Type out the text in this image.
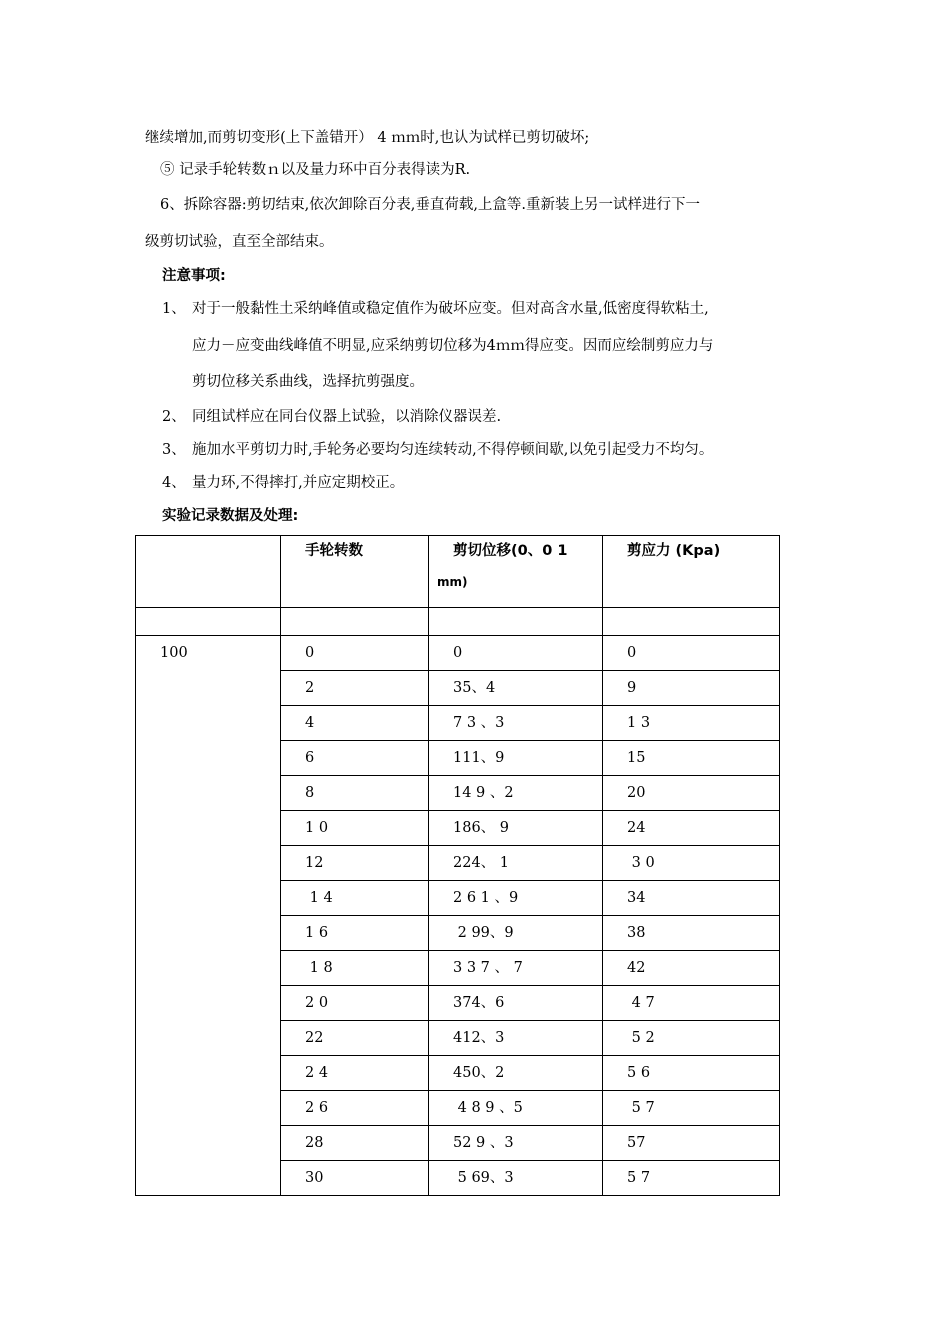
继续增加,而剪切变形(上下盖错开） 4 ｍｍ时,也认为试样已剪切破坏;
⑤ 记录手轮转数ｎ以及量力环中百分表得读为R.
6、拆除容器:剪切结束,依次卸除百分表,垂直荷载,上盒等.重新装上另一试样进行下一
级剪切试验，直至全部结束。
注意事项:
1、 对于一般黏性土采纳峰值或稳定值作为破坏应变。但对高含水量,低密度得软粘土,
应力－应变曲线峰值不明显,应采纳剪切位移为4ｍｍ得应变。因而应绘制剪应力与
剪切位移关系曲线，选择抗剪强度。
2、 同组试样应在同台仪器上试验，以消除仪器误差.
3、 施加水平剪切力时,手轮务必要均匀连续转动,不得停顿间歇,以免引起受力不均匀。
4、 量力环,不得摔打,并应定期校正。
实验记录数据及处理:

	手轮转数	剪切位移(0、0 1
mm)	剪应力 (Kpa)

100	0	0	0

	2	35、4	9

	4	7 3 、3	1 3

	6	111、9	15

	8	14 9 、2	20

	1 0	186、 9	24

	12	224、 1	3 0

	1 4	2 6 1 、9	34

	1 6	2 99、9	38

	1 8	3 3 7 、 7	42

	2 0	374、6	4 7

	22	412、3	5 2

	2 4	450、2	5 6

	2 6	4 8 9 、5	5 7

	28	52 9 、3	57

	30	5 69、3	5 7
